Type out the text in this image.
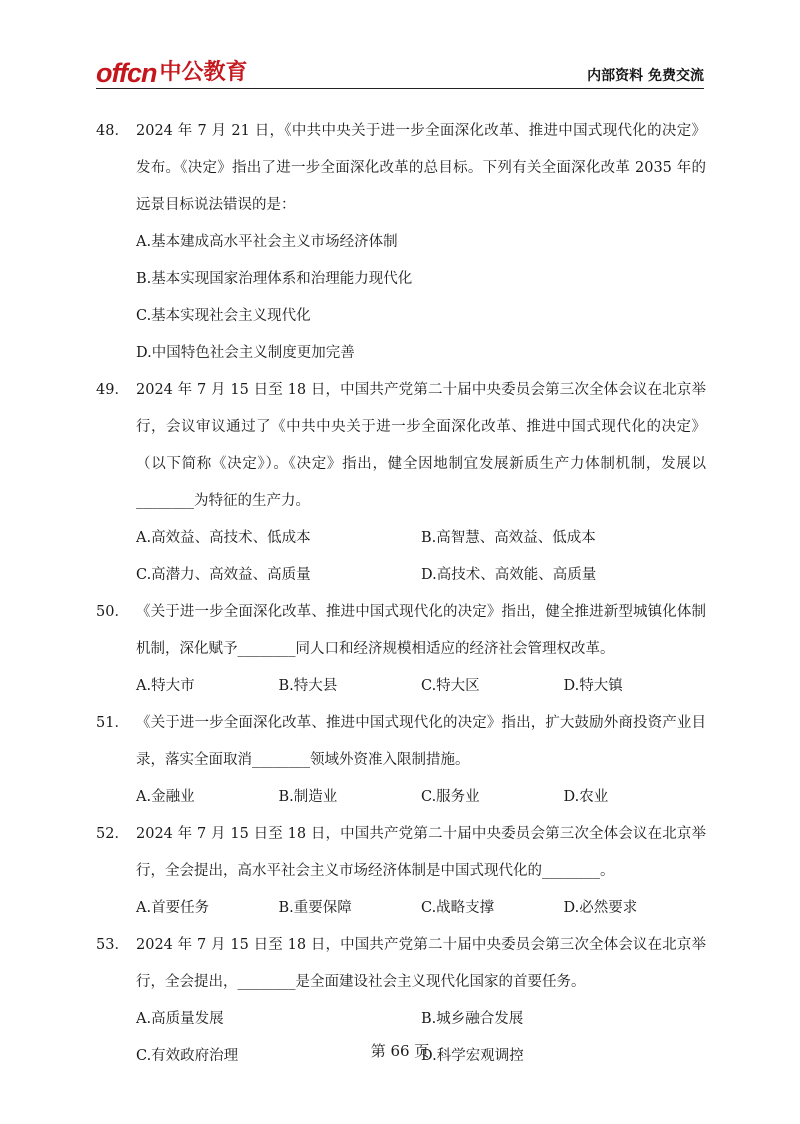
offcn 中公教育	内部资料 免费交流
48． 2024 年 7 月 21 日，《中共中央关于进一步全面深化改革、推进中国式现代化的决定》发布。《决定》指出了进一步全面深化改革的总目标。下列有关全面深化改革 2035 年的远景目标说法错误的是：
A.基本建成高水平社会主义市场经济体制
B.基本实现国家治理体系和治理能力现代化
C.基本实现社会主义现代化
D.中国特色社会主义制度更加完善
49． 2024 年 7 月 15 日至 18 日，中国共产党第二十届中央委员会第三次全体会议在北京举行，会议审议通过了《中共中央关于进一步全面深化改革、推进中国式现代化的决定》（以下简称《决定》）。《决定》指出，健全因地制宜发展新质生产力体制机制，发展以________为特征的生产力。
A.高效益、高技术、低成本	B.高智慧、高效益、低成本
C.高潜力、高效益、高质量	D.高技术、高效能、高质量
50． 《关于进一步全面深化改革、推进中国式现代化的决定》指出，健全推进新型城镇化体制机制，深化赋予________同人口和经济规模相适应的经济社会管理权改革。
A.特大市	B.特大县	C.特大区	D.特大镇
51． 《关于进一步全面深化改革、推进中国式现代化的决定》指出，扩大鼓励外商投资产业目录，落实全面取消________领域外资准入限制措施。
A.金融业	B.制造业	C.服务业	D.农业
52． 2024 年 7 月 15 日至 18 日，中国共产党第二十届中央委员会第三次全体会议在北京举行，全会提出，高水平社会主义市场经济体制是中国式现代化的________。
A.首要任务	B.重要保障	C.战略支撑	D.必然要求
53． 2024 年 7 月 15 日至 18 日，中国共产党第二十届中央委员会第三次全体会议在北京举行，全会提出，________是全面建设社会主义现代化国家的首要任务。
A.高质量发展	B.城乡融合发展
C.有效政府治理	D.科学宏观调控
第 66 页
